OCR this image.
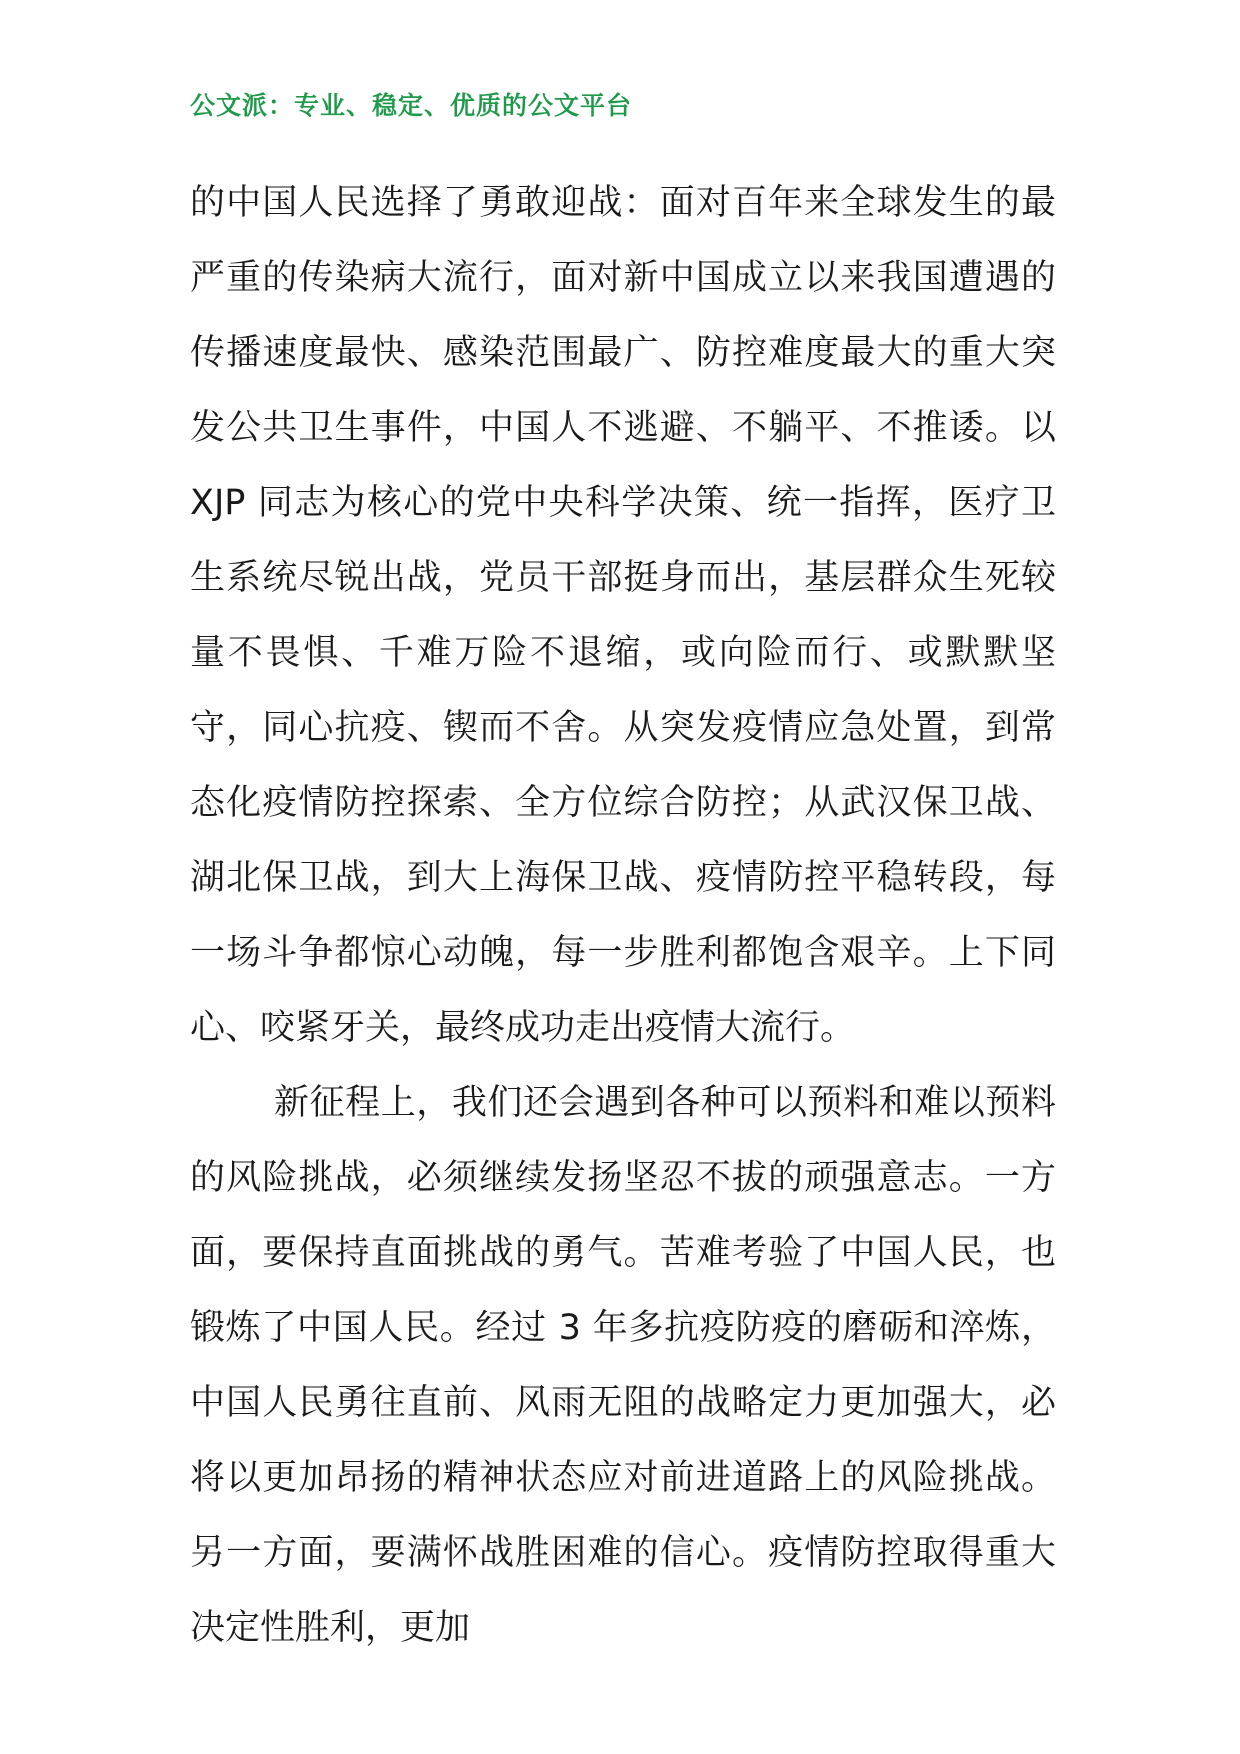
公文派：专业、稳定、优质的公文平台

的中国人民选择了勇敢迎战：面对百年来全球发生的最严重的传染病大流行，面对新中国成立以来我国遭遇的传播速度最快、感染范围最广、防控难度最大的重大突发公共卫生事件，中国人不逃避、不躺平、不推诿。以 XJP 同志为核心的党中央科学决策、统一指挥，医疗卫生系统尽锐出战，党员干部挺身而出，基层群众生死较量不畏惧、千难万险不退缩，或向险而行、或默默坚守，同心抗疫、锲而不舍。从突发疫情应急处置，到常态化疫情防控探索、全方位综合防控；从武汉保卫战、湖北保卫战，到大上海保卫战、疫情防控平稳转段，每一场斗争都惊心动魄，每一步胜利都饱含艰辛。上下同心、咬紧牙关，最终成功走出疫情大流行。

新征程上，我们还会遇到各种可以预料和难以预料的风险挑战，必须继续发扬坚忍不拔的顽强意志。一方面，要保持直面挑战的勇气。苦难考验了中国人民，也锻炼了中国人民。经过 3 年多抗疫防疫的磨砺和淬炼，中国人民勇往直前、风雨无阻的战略定力更加强大，必将以更加昂扬的精神状态应对前进道路上的风险挑战。另一方面，要满怀战胜困难的信心。疫情防控取得重大决定性胜利，更加
